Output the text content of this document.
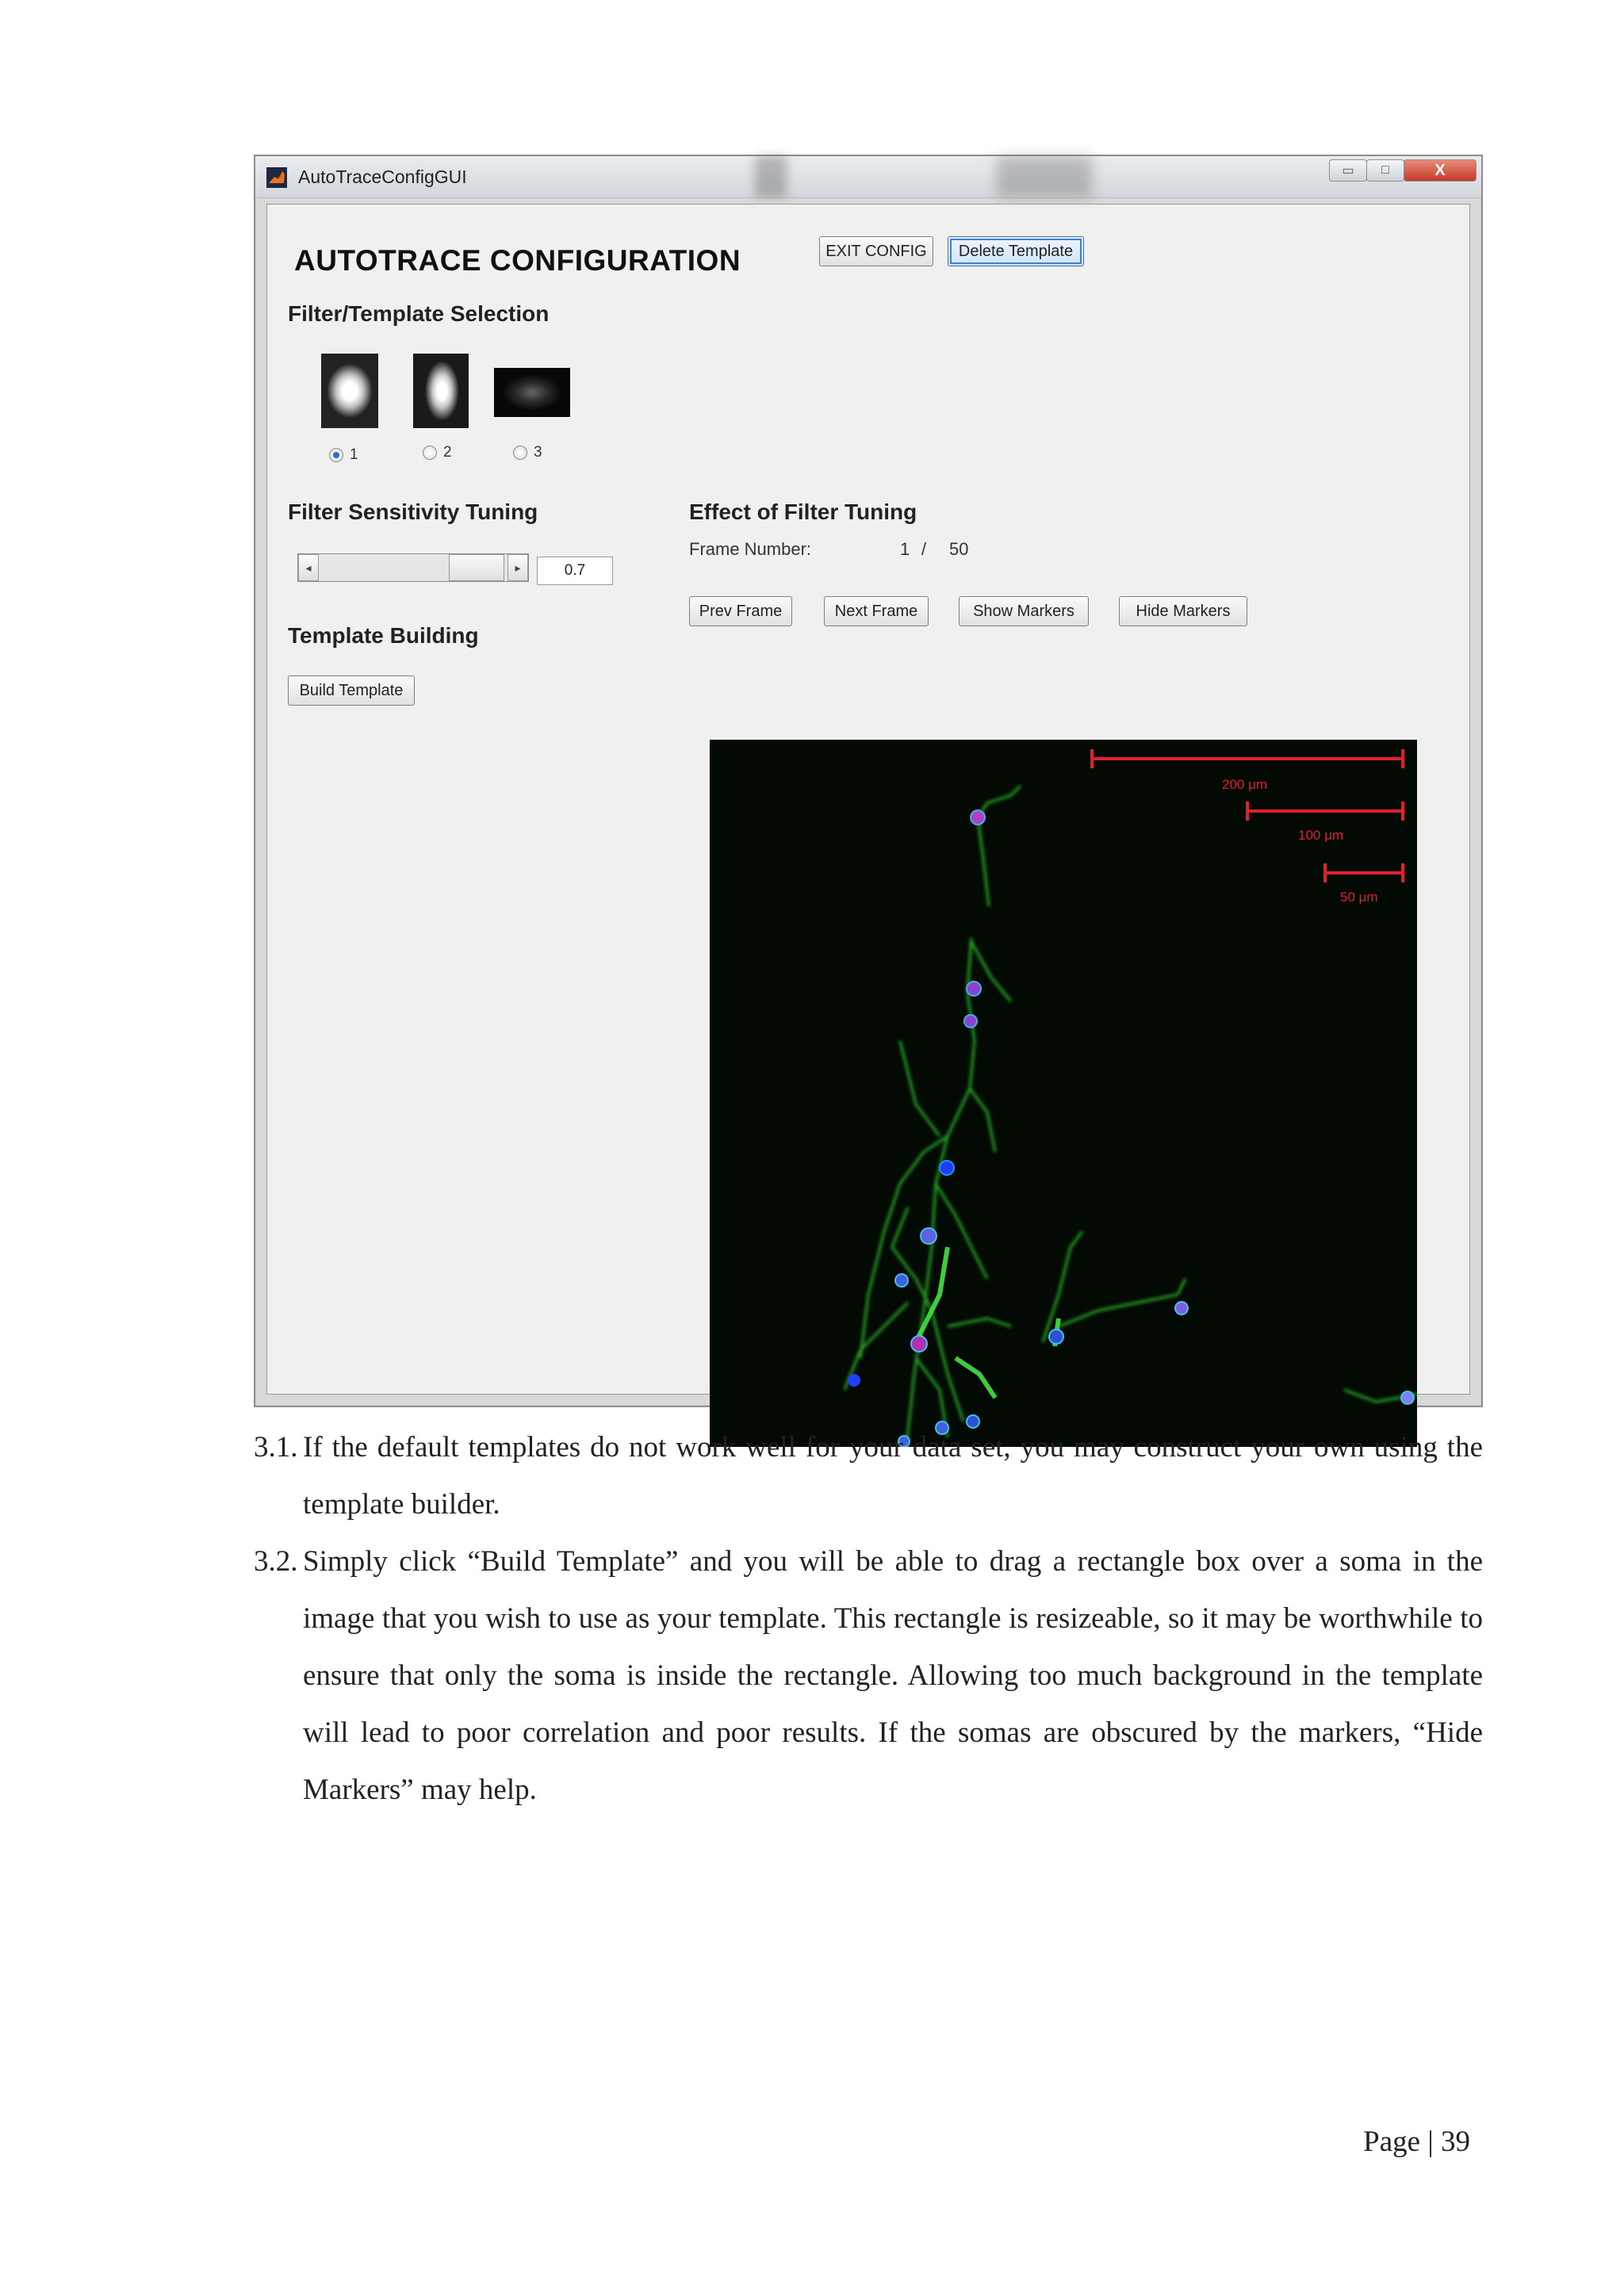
AutoTraceConfigGUI	▭	□	X
AUTOTRACE CONFIGURATION	EXIT CONFIG	Delete Template
Filter/Template Selection
1	2	3
Filter Sensitivity Tuning
◂	▸	0.7
Template Building
Build Template
Effect of Filter Tuning
Frame Number:	1 / 50
Prev Frame	Next Frame	Show Markers	Hide Markers
200 μm
100 μm
50 μm
3.1. If the default templates do not work well for your data set, you may construct your own using the template builder.
3.2. Simply click “Build Template” and you will be able to drag a rectangle box over a soma in the image that you wish to use as your template. This rectangle is resizeable, so it may be worthwhile to ensure that only the soma is inside the rectangle. Allowing too much background in the template will lead to poor correlation and poor results. If the somas are obscured by the markers, “Hide Markers” may help.
Page | 39
